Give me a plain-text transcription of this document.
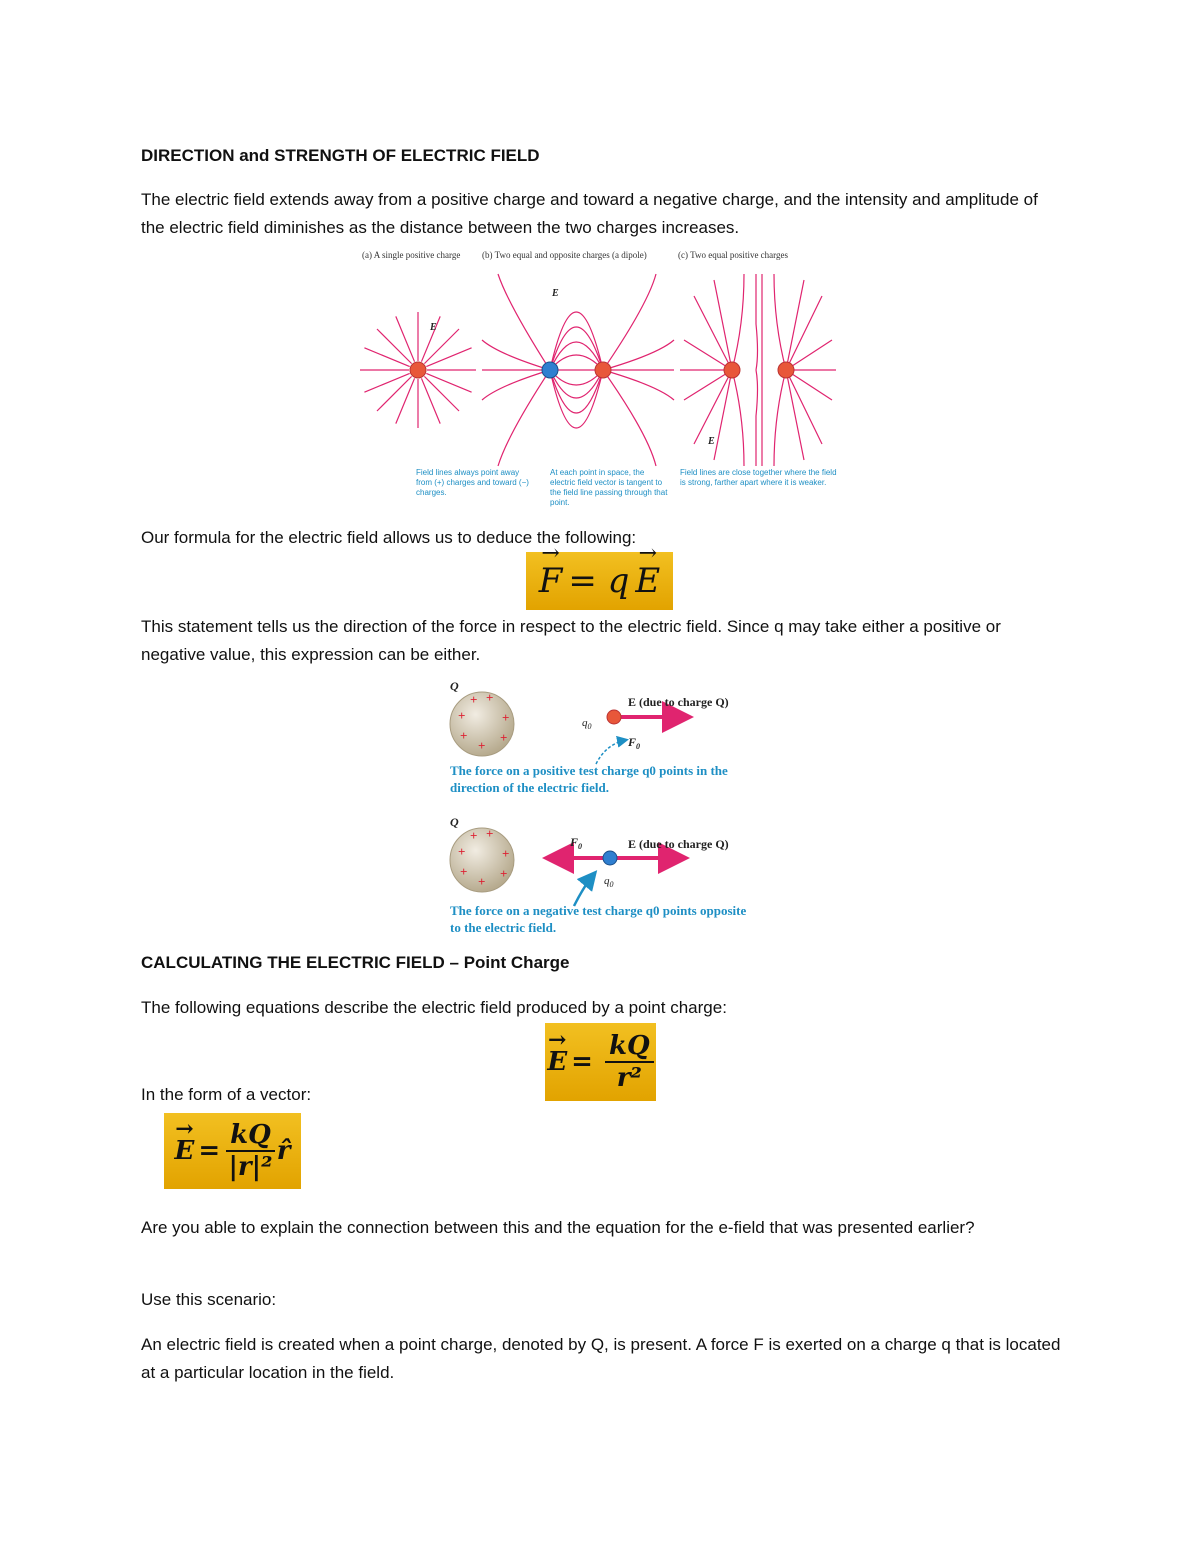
DIRECTION and STRENGTH OF ELECTRIC FIELD

The electric field extends away from a positive charge and toward a negative charge, and the intensity and amplitude of the electric field diminishes as the distance between the two charges increases.

(a) A single positive charge (b) Two equal and opposite charges (a dipole)	(c) Two equal positive charges
E
E
E
Field lines always point away from (+) charges and toward (−) charges.
At each point in space, the electric field vector is tangent to the field line passing through that point.
Field lines are close together where the field is strong, farther apart where it is weaker.

Our formula for the electric field allows us to deduce the following:

→ F = q
→ E

This statement tells us the direction of the force in respect to the electric field. Since q may take either a positive or negative value, this expression can be either.

Q
+ +
+	+
+	+
+
$q_0$
E (due to charge Q)
$F_0$
The force on a positive test charge q0 points in the direction of the electric field.
Q
+ +
+	+
+	+
+
$F_0$	E (due to charge Q)
$q_0$
The force on a negative test charge q0 points opposite to the electric field.

CALCULATING THE ELECTRIC FIELD – Point Charge

The following equations describe the electric field produced by a point charge:

→ $E = \frac{kQ}{\text{r²}}$

In the form of a vector:

→ $E = \frac{kQ}{\text{|r|²}}$ r̂

Are you able to explain the connection between this and the equation for the e-field that was presented earlier?

Use this scenario:

An electric field is created when a point charge, denoted by Q, is present. A force F is exerted on a charge q that is located at a particular location in the field.
